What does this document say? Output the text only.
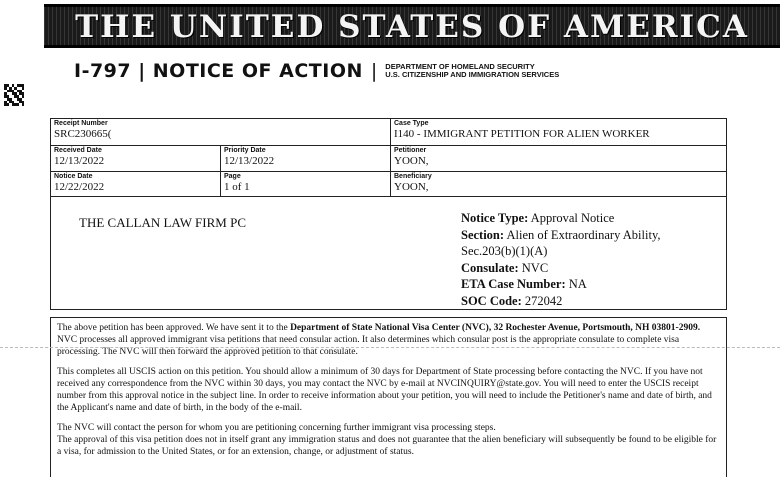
THE UNITED STATES OF AMERICA
I-797 | NOTICE OF ACTION | DEPARTMENT OF HOMELAND SECURITY
U.S. CITIZENSHIP AND IMMIGRATION SERVICES
Receipt Number
SRC230665(
Case Type
I140 - IMMIGRANT PETITION FOR ALIEN WORKER
Received Date
12/13/2022
Priority Date
12/13/2022
Petitioner
YOON,
Notice Date
12/22/2022
Page
1 of 1
Beneficiary
YOON,
THE CALLAN LAW FIRM PC	Notice Type: Approval Notice
Section: Alien of Extraordinary Ability,
Sec.203(b)(1)(A)
Consulate: NVC
ETA Case Number: NA
SOC Code: 272042

The above petition has been approved. We have sent it to the Department of State National Visa Center (NVC), 32 Rochester Avenue, Portsmouth, NH 03801-2909. NVC processes all approved immigrant visa petitions that need consular action. It also determines which consular post is the appropriate consulate to complete visa processing. The NVC will then forward the approved petition to that consulate.

This completes all USCIS action on this petition. You should allow a minimum of 30 days for Department of State processing before contacting the NVC. If you have not received any correspondence from the NVC within 30 days, you may contact the NVC by e-mail at NVCINQUIRY@state.gov. You will need to enter the USCIS receipt number from this approval notice in the subject line. In order to receive information about your petition, you will need to include the Petitioner's name and date of birth, and the Applicant's name and date of birth, in the body of the e-mail.

The NVC will contact the person for whom you are petitioning concerning further immigrant visa processing steps.

The approval of this visa petition does not in itself grant any immigration status and does not guarantee that the alien beneficiary will subsequently be found to be eligible for a visa, for admission to the United States, or for an extension, change, or adjustment of status.
